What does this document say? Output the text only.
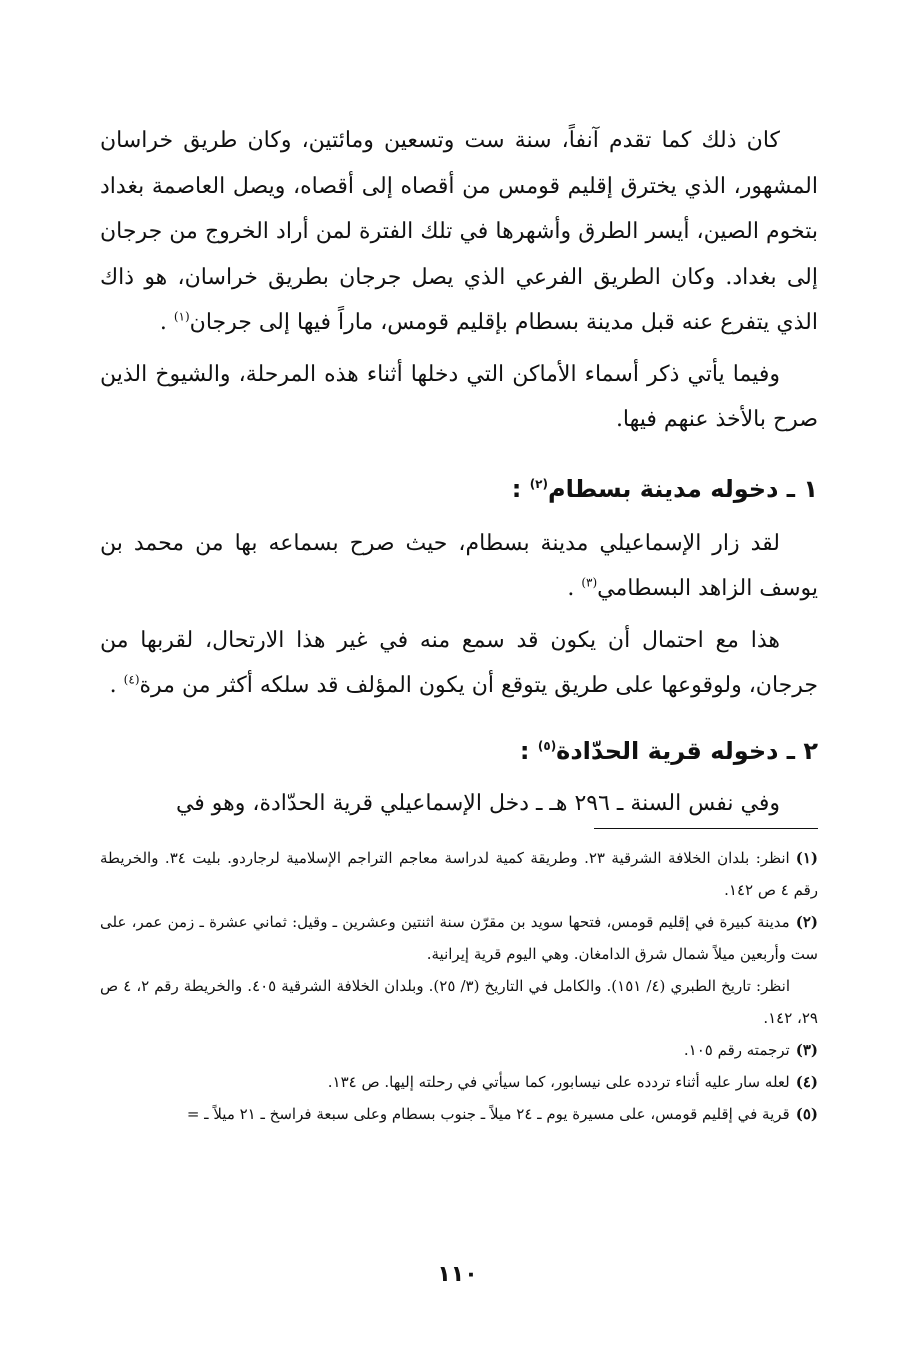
كان ذلك كما تقدم آنفاً، سنة ست وتسعين ومائتين، وكان طريق خراسان المشهور، الذي يخترق إقليم قومس من أقصاه إلى أقصاه، ويصل العاصمة بغداد بتخوم الصين، أيسر الطرق وأشهرها في تلك الفترة لمن أراد الخروج من جرجان إلى بغداد. وكان الطريق الفرعي الذي يصل جرجان بطريق خراسان، هو ذاك الذي يتفرع عنه قبل مدينة بسطام بإقليم قومس، ماراً فيها إلى جرجان$^{(١)}$ .

وفيما يأتي ذكر أسماء الأماكن التي دخلها أثناء هذه المرحلة، والشيوخ الذين صرح بالأخذ عنهم فيها.

١ ـ دخوله مدينة بسطام$^{(٢)}$ :

لقد زار الإسماعيلي مدينة بسطام، حيث صرح بسماعه بها من محمد بن يوسف الزاهد البسطامي$^{(٣)}$ .

هذا مع احتمال أن يكون قد سمع منه في غير هذا الارتحال، لقربها من جرجان، ولوقوعها على طريق يتوقع أن يكون المؤلف قد سلكه أكثر من مرة$^{(٤)}$ .

٢ ـ دخوله قرية الحدّادة$^{(٥)}$ :

وفي نفس السنة ـ ٢٩٦ هـ ـ دخل الإسماعيلي قرية الحدّادة، وهو في

(١)انظر: بلدان الخلافة الشرقية ٢٣. وطريقة كمية لدراسة معاجم التراجم الإسلامية لرجاردو. بليت ٣٤. والخريطة رقم ٤ ص ١٤٢.

(٢)مدينة كبيرة في إقليم قومس، فتحها سويد بن مقرّن سنة اثنتين وعشرين ـ وقيل: ثماني عشرة ـ زمن عمر، على ست وأربعين ميلاً شمال شرق الدامغان. وهي اليوم قرية إيرانية.

انظر: تاريخ الطبري (٤/ ١٥١). والكامل في التاريخ (٣/ ٢٥). وبلدان الخلافة الشرقية ٤٠٥. والخريطة رقم ٢، ٤ ص ٢٩، ١٤٢.

(٣)ترجمته رقم ١٠٥.

(٤)لعله سار عليه أثناء تردده على نيسابور، كما سيأتي في رحلته إليها. ص ١٣٤.

(٥)قرية في إقليم قومس، على مسيرة يوم ـ ٢٤ ميلاً ـ جنوب بسطام وعلى سبعة فراسخ ـ ٢١ ميلاً ـ =

١١٠
